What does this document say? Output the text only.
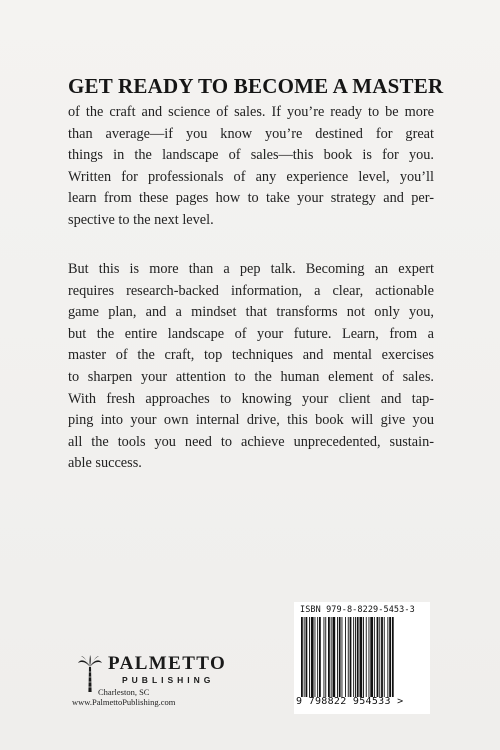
GET READY TO BECOME A MASTER
of the craft and science of sales. If you’re ready to be more
than average—if you know you’re destined for great
things in the landscape of sales—this book is for you.
Written for professionals of any experience level, you’ll
learn from these pages how to take your strategy and per-
spective to the next level.
But this is more than a pep talk. Becoming an expert
requires research-backed information, a clear, actionable
game plan, and a mindset that transforms not only you,
but the entire landscape of your future. Learn, from a
master of the craft, top techniques and mental exercises
to sharpen your attention to the human element of sales.
With fresh approaches to knowing your client and tap-
ping into your own internal drive, this book will give you
all the tools you need to achieve unprecedented, sustain-
able success.
PALMETTO
PUBLISHING
Charleston, SC
www.PalmettoPublishing.com
ISBN 979-8-8229-5453-3
9 798822 954533 >
